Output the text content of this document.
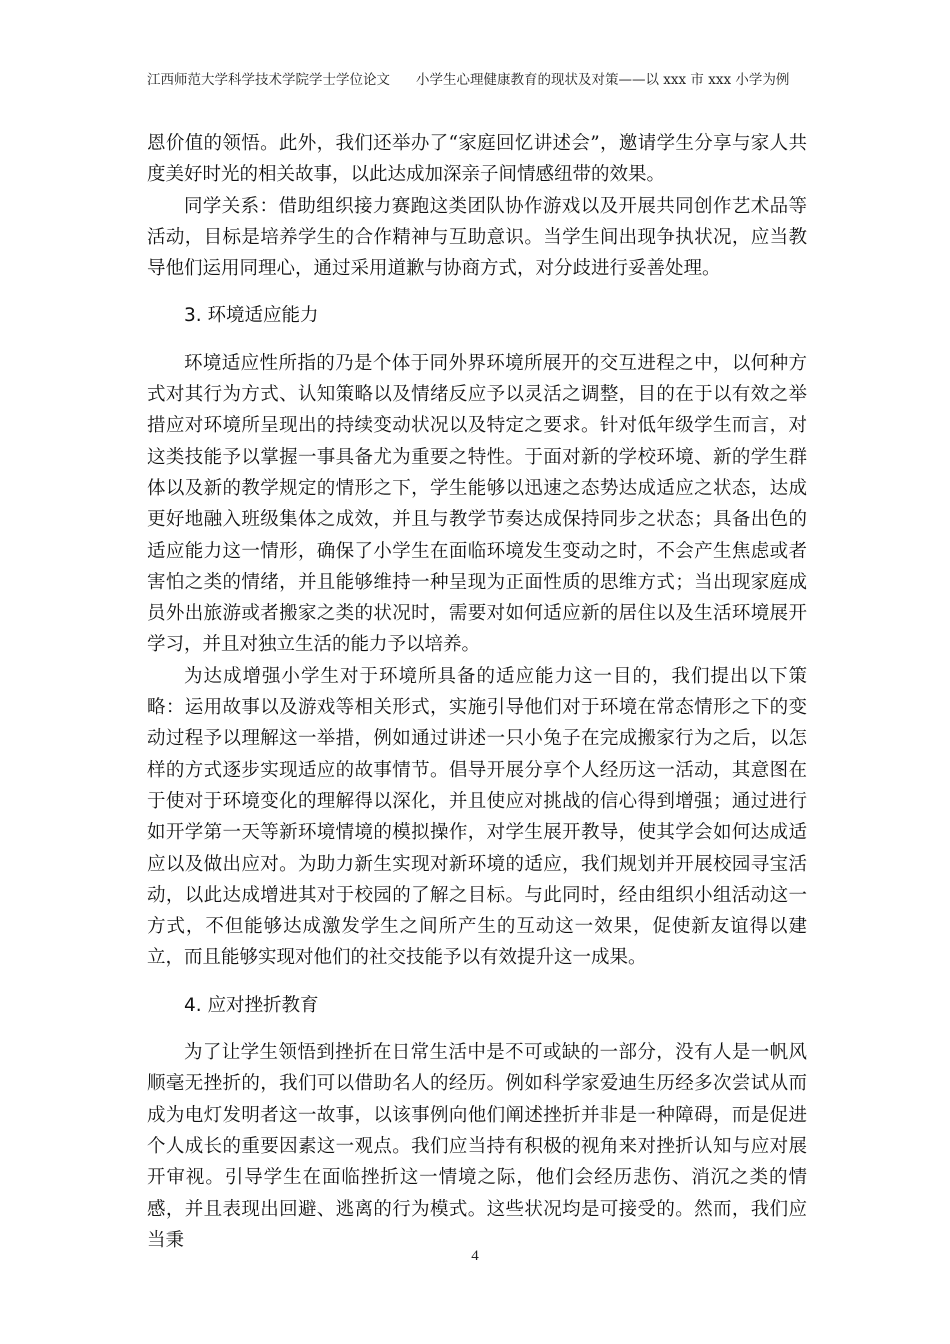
江西师范大学科学技术学院学士学位论文 小学生心理健康教育的现状及对策——以 xxx 市 xxx 小学为例

恩价值的领悟。此外，我们还举办了“家庭回忆讲述会”，邀请学生分享与家人共度美好时光的相关故事，以此达成加深亲子间情感纽带的效果。

同学关系：借助组织接力赛跑这类团队协作游戏以及开展共同创作艺术品等活动，目标是培养学生的合作精神与互助意识。当学生间出现争执状况，应当教导他们运用同理心，通过采用道歉与协商方式，对分歧进行妥善处理。

3. 环境适应能力

环境适应性所指的乃是个体于同外界环境所展开的交互进程之中，以何种方式对其行为方式、认知策略以及情绪反应予以灵活之调整，目的在于以有效之举措应对环境所呈现出的持续变动状况以及特定之要求。针对低年级学生而言，对这类技能予以掌握一事具备尤为重要之特性。于面对新的学校环境、新的学生群体以及新的教学规定的情形之下，学生能够以迅速之态势达成适应之状态，达成更好地融入班级集体之成效，并且与教学节奏达成保持同步之状态；具备出色的适应能力这一情形，确保了小学生在面临环境发生变动之时，不会产生焦虑或者害怕之类的情绪，并且能够维持一种呈现为正面性质的思维方式；当出现家庭成员外出旅游或者搬家之类的状况时，需要对如何适应新的居住以及生活环境展开学习，并且对独立生活的能力予以培养。

为达成增强小学生对于环境所具备的适应能力这一目的，我们提出以下策略：运用故事以及游戏等相关形式，实施引导他们对于环境在常态情形之下的变动过程予以理解这一举措，例如通过讲述一只小兔子在完成搬家行为之后，以怎样的方式逐步实现适应的故事情节。倡导开展分享个人经历这一活动，其意图在于使对于环境变化的理解得以深化，并且使应对挑战的信心得到增强；通过进行如开学第一天等新环境情境的模拟操作，对学生展开教导，使其学会如何达成适应以及做出应对。为助力新生实现对新环境的适应，我们规划并开展校园寻宝活动，以此达成增进其对于校园的了解之目标。与此同时，经由组织小组活动这一方式，不但能够达成激发学生之间所产生的互动这一效果，促使新友谊得以建立，而且能够实现对他们的社交技能予以有效提升这一成果。

4. 应对挫折教育

为了让学生领悟到挫折在日常生活中是不可或缺的一部分，没有人是一帆风顺毫无挫折的，我们可以借助名人的经历。例如科学家爱迪生历经多次尝试从而成为电灯发明者这一故事，以该事例向他们阐述挫折并非是一种障碍，而是促进个人成长的重要因素这一观点。我们应当持有积极的视角来对挫折认知与应对展开审视。引导学生在面临挫折这一情境之际，他们会经历悲伤、消沉之类的情感，并且表现出回避、逃离的行为模式。这些状况均是可接受的。然而，我们应当秉

4
